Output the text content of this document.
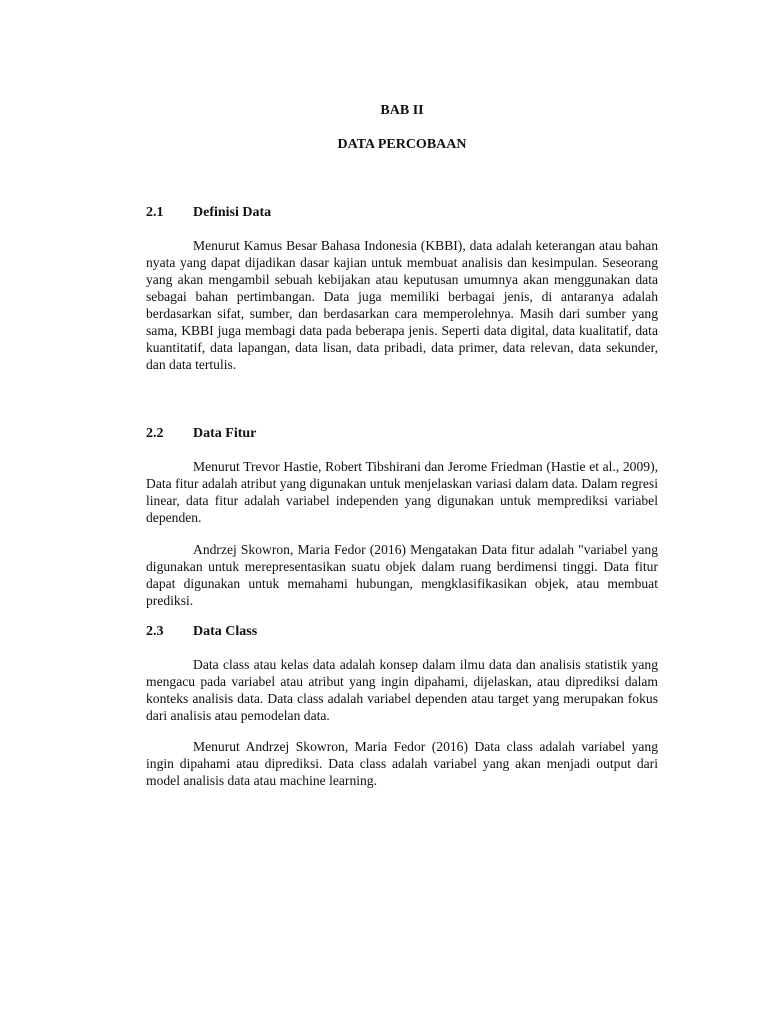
BAB II
DATA PERCOBAAN
2.1 Definisi Data

Menurut Kamus Besar Bahasa Indonesia (KBBI), data adalah keterangan atau bahan nyata yang dapat dijadikan dasar kajian untuk membuat analisis dan kesimpulan. Seseorang yang akan mengambil sebuah kebijakan atau keputusan umumnya akan menggunakan data sebagai bahan pertimbangan. Data juga memiliki berbagai jenis, di antaranya adalah berdasarkan sifat, sumber, dan berdasarkan cara memperolehnya. Masih dari sumber yang sama, KBBI juga membagi data pada beberapa jenis. Seperti data digital, data kualitatif, data kuantitatif, data lapangan, data lisan, data pribadi, data primer, data relevan, data sekunder, dan data tertulis.

2.2 Data Fitur

Menurut Trevor Hastie, Robert Tibshirani dan Jerome Friedman (Hastie et al., 2009), Data fitur adalah atribut yang digunakan untuk menjelaskan variasi dalam data. Dalam regresi linear, data fitur adalah variabel independen yang digunakan untuk memprediksi variabel dependen.

Andrzej Skowron, Maria Fedor (2016) Mengatakan Data fitur adalah "variabel yang digunakan untuk merepresentasikan suatu objek dalam ruang berdimensi tinggi. Data fitur dapat digunakan untuk memahami hubungan, mengklasifikasikan objek, atau membuat prediksi.

2.3 Data Class

Data class atau kelas data adalah konsep dalam ilmu data dan analisis statistik yang mengacu pada variabel atau atribut yang ingin dipahami, dijelaskan, atau diprediksi dalam konteks analisis data. Data class adalah variabel dependen atau target yang merupakan fokus dari analisis atau pemodelan data.

Menurut Andrzej Skowron, Maria Fedor (2016) Data class adalah variabel yang ingin dipahami atau diprediksi. Data class adalah variabel yang akan menjadi output dari model analisis data atau machine learning.
